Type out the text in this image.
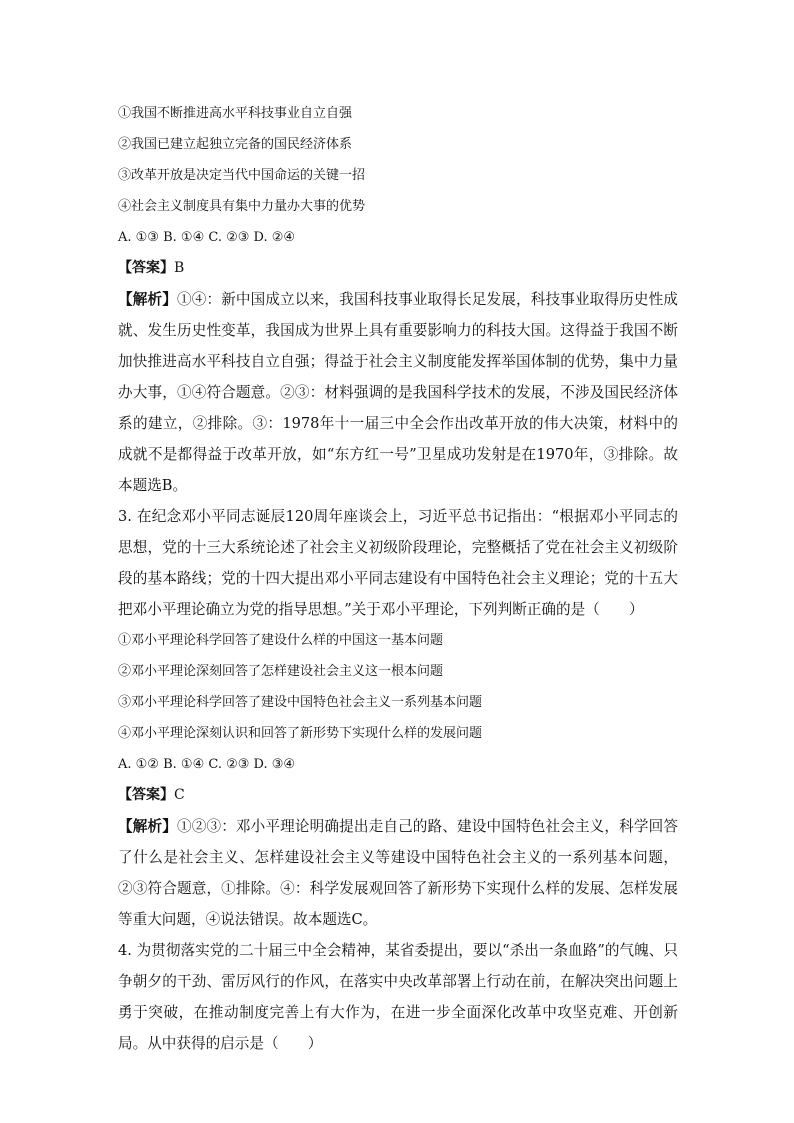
①我国不断推进高水平科技事业自立自强
②我国已建立起独立完备的国民经济体系
③改革开放是决定当代中国命运的关键一招
④社会主义制度具有集中力量办大事的优势
A. ①③ B. ①④ C. ②③ D. ②④
【答案】B
【解析】①④：新中国成立以来，我国科技事业取得长足发展，科技事业取得历史性成就、发生历史性变革，我国成为世界上具有重要影响力的科技大国。这得益于我国不断加快推进高水平科技自立自强；得益于社会主义制度能发挥举国体制的优势，集中力量办大事，①④符合题意。②③：材料强调的是我国科学技术的发展，不涉及国民经济体系的建立，②排除。③：1978年十一届三中全会作出改革开放的伟大决策，材料中的成就不是都得益于改革开放，如“东方红一号”卫星成功发射是在1970年，③排除。故本题选B。
3. 在纪念邓小平同志诞辰120周年座谈会上，习近平总书记指出：“根据邓小平同志的思想，党的十三大系统论述了社会主义初级阶段理论，完整概括了党在社会主义初级阶段的基本路线；党的十四大提出邓小平同志建设有中国特色社会主义理论；党的十五大把邓小平理论确立为党的指导思想。”关于邓小平理论，下列判断正确的是（　　）
①邓小平理论科学回答了建设什么样的中国这一基本问题
②邓小平理论深刻回答了怎样建设社会主义这一根本问题
③邓小平理论科学回答了建设中国特色社会主义一系列基本问题
④邓小平理论深刻认识和回答了新形势下实现什么样的发展问题
A. ①② B. ①④ C. ②③ D. ③④
【答案】C
【解析】①②③：邓小平理论明确提出走自己的路、建设中国特色社会主义，科学回答了什么是社会主义、怎样建设社会主义等建设中国特色社会主义的一系列基本问题，②③符合题意，①排除。④：科学发展观回答了新形势下实现什么样的发展、怎样发展等重大问题，④说法错误。故本题选C。
4. 为贯彻落实党的二十届三中全会精神，某省委提出，要以“杀出一条血路”的气魄、只争朝夕的干劲、雷厉风行的作风，在落实中央改革部署上行动在前，在解决突出问题上勇于突破，在推动制度完善上有大作为，在进一步全面深化改革中攻坚克难、开创新局。从中获得的启示是（　　）
